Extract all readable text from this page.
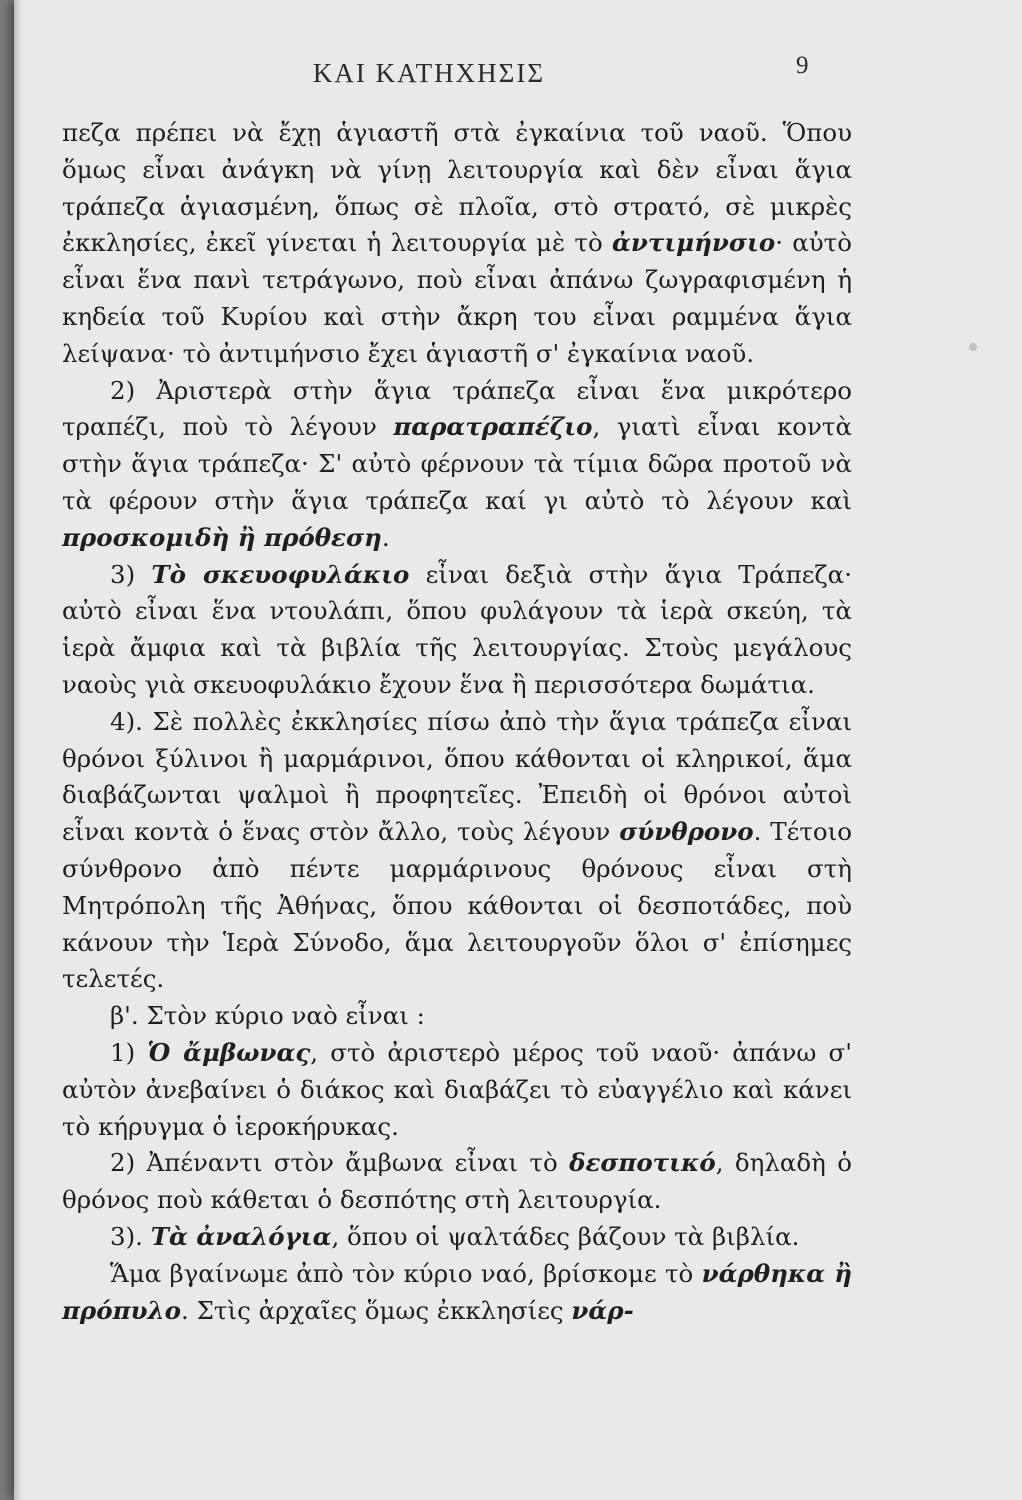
ΚΑΙ ΚΑΤΗΧΗΣΙΣ	9

πεζα πρέπει νὰ ἔχῃ ἁγιαστῆ στὰ ἐγκαίνια τοῦ ναοῦ. Ὅπου ὅμως εἶναι ἀνάγκη νὰ γίνῃ λειτουργία καὶ δὲν εἶναι ἅγια τράπεζα ἁγιασμένη, ὅπως σὲ πλοῖα, στὸ στρατό, σὲ μικρὲς ἐκκλησίες, ἐκεῖ γίνεται ἡ λειτουργία μὲ τὸ ἀντιμήνσιο· αὐτὸ εἶναι ἕνα πανὶ τετράγωνο, ποὺ εἶναι ἀπάνω ζωγραφισμένη ἡ κηδεία τοῦ Κυρίου καὶ στὴν ἄκρη του εἶναι ραμμένα ἅγια λείψανα· τὸ ἀντιμήνσιο ἔχει ἁγιαστῆ σ' ἐγκαίνια ναοῦ.

2) Ἀριστερὰ στὴν ἅγια τράπεζα εἶναι ἕνα μικρότερο τραπέζι, ποὺ τὸ λέγουν παρατραπέζιο, γιατὶ εἶναι κοντὰ στὴν ἅγια τράπεζα· Σ' αὐτὸ φέρνουν τὰ τίμια δῶρα προτοῦ νὰ τὰ φέρουν στὴν ἅγια τράπεζα καί γι αὐτὸ τὸ λέγουν καὶ προσκομιδὴ ἢ πρόθεση.

3) Τὸ σκευοφυλάκιο εἶναι δεξιὰ στὴν ἅγια Τράπεζα· αὐτὸ εἶναι ἕνα ντουλάπι, ὅπου φυλάγουν τὰ ἱερὰ σκεύη, τὰ ἱερὰ ἄμφια καὶ τὰ βιβλία τῆς λειτουργίας. Στοὺς μεγάλους ναοὺς γιὰ σκευοφυλάκιο ἔχουν ἕνα ἢ περισσότερα δωμάτια.

4). Σὲ πολλὲς ἐκκλησίες πίσω ἀπὸ τὴν ἅγια τράπεζα εἶναι θρόνοι ξύλινοι ἢ μαρμάρινοι, ὅπου κάθονται οἱ κληρικοί, ἅμα διαβάζωνται ψαλμοὶ ἢ προφητεῖες. Ἐπειδὴ οἱ θρόνοι αὐτοὶ εἶναι κοντὰ ὁ ἕνας στὸν ἄλλο, τοὺς λέγουν σύνθρονο. Τέτοιο σύνθρονο ἀπὸ πέντε μαρμάρινους θρόνους εἶναι στὴ Μητρόπολη τῆς Ἀθήνας, ὅπου κάθονται οἱ δεσποτάδες, ποὺ κάνουν τὴν Ἱερὰ Σύνοδο, ἅμα λειτουργοῦν ὅλοι σ' ἐπίσημες τελετές.

β'. Στὸν κύριο ναὸ εἶναι :

1) Ὁ ἄμβωνας, στὸ ἀριστερὸ μέρος τοῦ ναοῦ· ἀπάνω σ' αὐτὸν ἀνεβαίνει ὁ διάκος καὶ διαβάζει τὸ εὐαγγέλιο καὶ κάνει τὸ κήρυγμα ὁ ἱεροκήρυκας.

2) Ἀπέναντι στὸν ἄμβωνα εἶναι τὸ δεσποτικό, δηλαδὴ ὁ θρόνος ποὺ κάθεται ὁ δεσπότης στὴ λειτουργία.

3). Τὰ ἀναλόγια, ὅπου οἱ ψαλτάδες βάζουν τὰ βιβλία.

Ἅμα βγαίνωμε ἀπὸ τὸν κύριο ναό, βρίσκομε τὸ νάρθηκα ἢ πρόπυλο. Στὶς ἀρχαῖες ὅμως ἐκκλησίες νάρ-
